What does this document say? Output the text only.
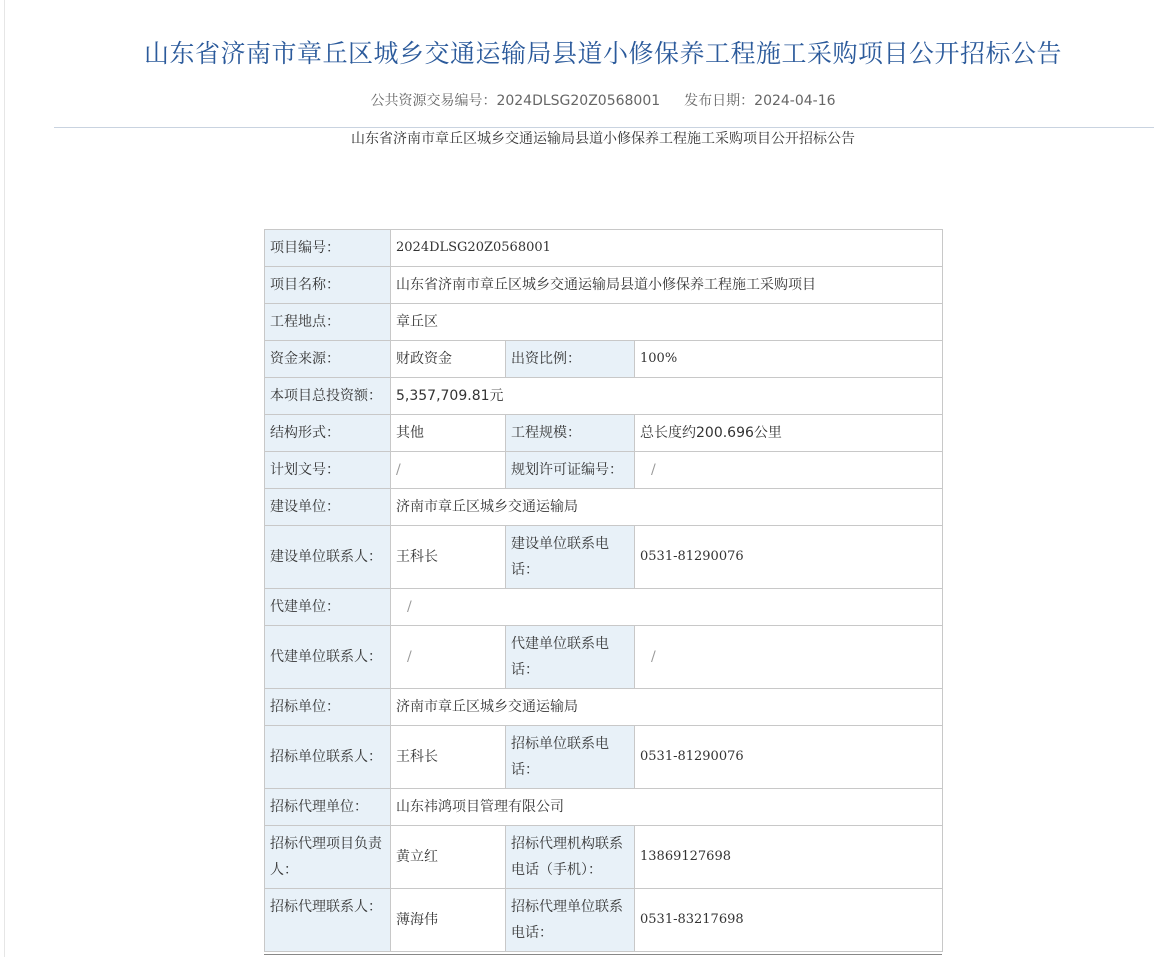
山东省济南市章丘区城乡交通运输局县道小修保养工程施工采购项目公开招标公告
公共资源交易编号：2024DLSG20Z0568001 发布日期：2024-04-16
山东省济南市章丘区城乡交通运输局县道小修保养工程施工采购项目公开招标公告
项目编号：	2024DLSG20Z0568001		
项目名称：	山东省济南市章丘区城乡交通运输局县道小修保养工程施工采购项目		
工程地点：	章丘区		
资金来源：	财政资金	出资比例：	100%
本项目总投资额：	5,357,709.81元		
结构形式：	其他	工程规模：	总长度约200.696公里
计划文号：	/	规划许可证编号：	/
建设单位：	济南市章丘区城乡交通运输局		
建设单位联系人：	王科长	建设单位联系电话：	0531-81290076
代建单位：	/		
代建单位联系人：	/	代建单位联系电话：	/
招标单位：	济南市章丘区城乡交通运输局		
招标单位联系人：	王科长	招标单位联系电话：	0531-81290076
招标代理单位：	山东祎鸿项目管理有限公司		
招标代理项目负责人：	黄立红	招标代理机构联系电话（手机）：	13869127698
招标代理联系人：	薄海伟	招标代理单位联系电话：	0531-83217698
